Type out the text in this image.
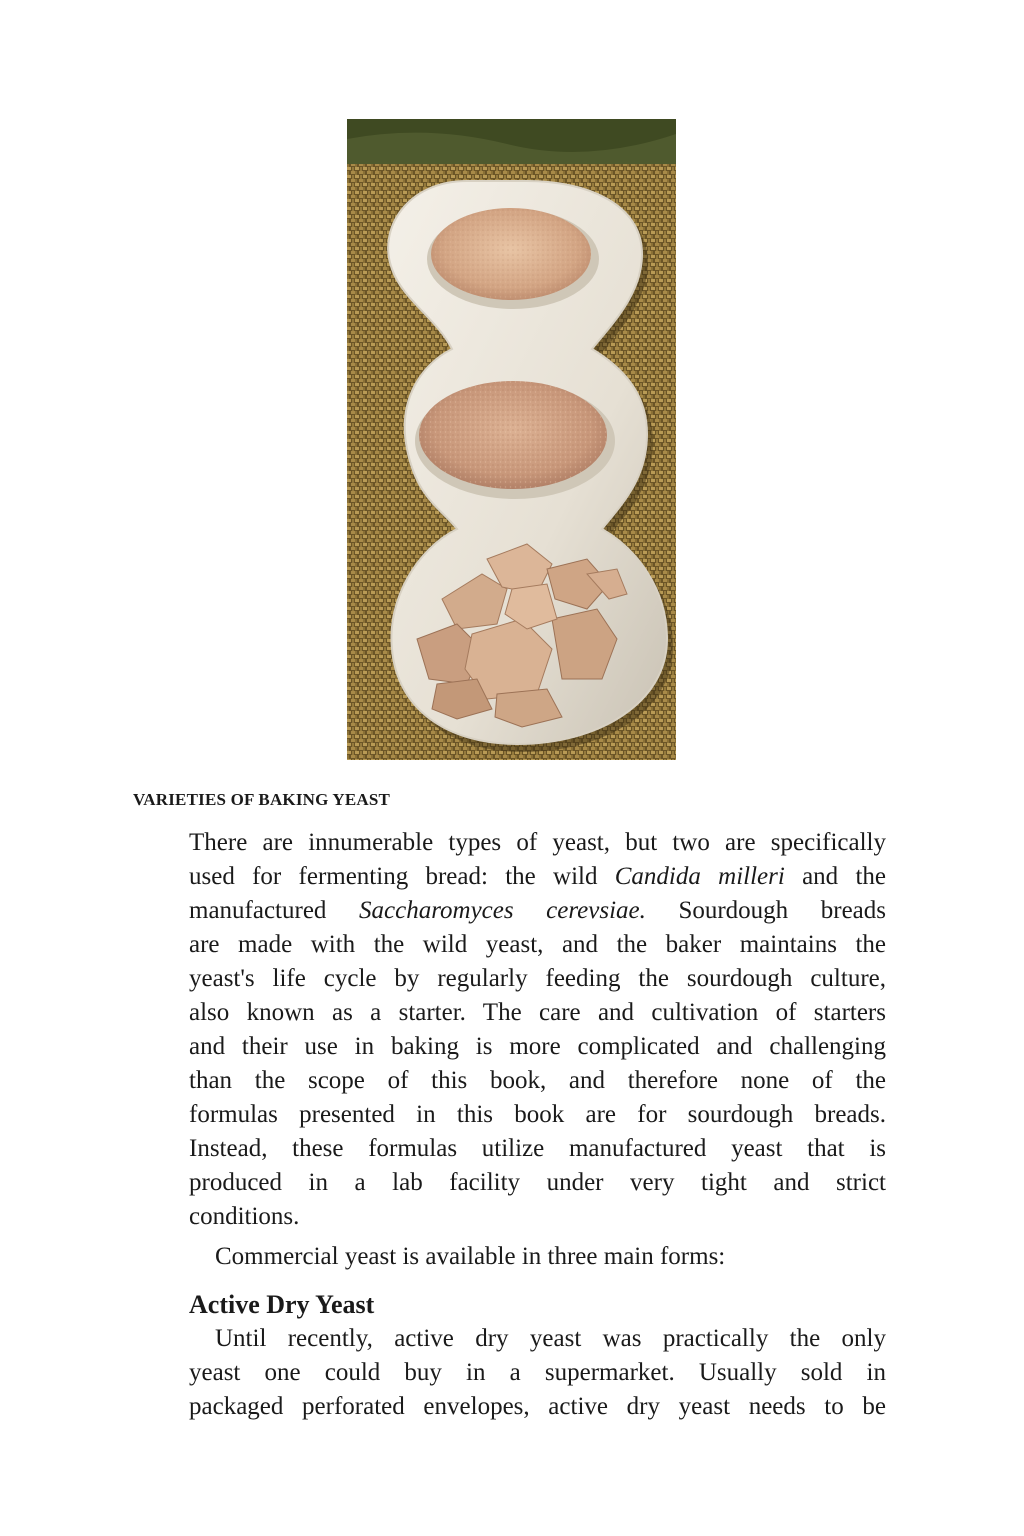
VARIETIES OF BAKING YEAST

There are innumerable types of yeast, but two are specifically
used for fermenting bread: the wild Candida milleri and the
manufactured Saccharomyces cerevsiae. Sourdough breads
are made with the wild yeast, and the baker maintains the
yeast's life cycle by regularly feeding the sourdough culture,
also known as a starter. The care and cultivation of starters
and their use in baking is more complicated and challenging
than the scope of this book, and therefore none of the
formulas presented in this book are for sourdough breads.
Instead, these formulas utilize manufactured yeast that is
produced in a lab facility under very tight and strict
conditions.

Commercial yeast is available in three main forms:

Active Dry Yeast

Until recently, active dry yeast was practically the only
yeast one could buy in a supermarket. Usually sold in
packaged perforated envelopes, active dry yeast needs to be
